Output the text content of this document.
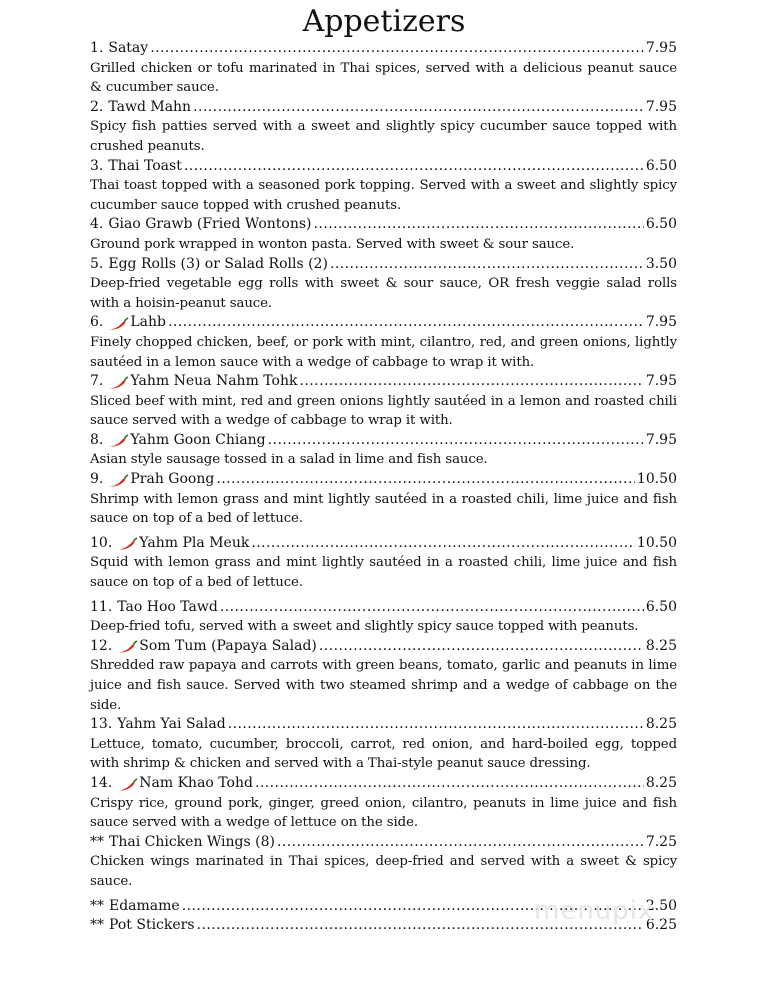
Appetizers
1. Satay . . .	7.95
Grilled chicken or tofu marinated in Thai spices, served with a delicious peanut sauce & cucumber sauce.
2. Tawd Mahn . . .	7.95
Spicy fish patties served with a sweet and slightly spicy cucumber sauce topped with crushed peanuts.
3. Thai Toast . . .	6.50
Thai toast topped with a seasoned pork topping. Served with a sweet and slightly spicy cucumber sauce topped with crushed peanuts.
4. Giao Grawb (Fried Wontons) . . .	6.50
Ground pork wrapped in wonton pasta. Served with sweet & sour sauce.
5. Egg Rolls (3) or Salad Rolls (2) . . .	3.50
Deep-fried vegetable egg rolls with sweet & sour sauce, OR fresh veggie salad rolls with a hoisin-peanut sauce.
6. Lahb . . .	7.95
Finely chopped chicken, beef, or pork with mint, cilantro, red, and green onions, lightly sautéed in a lemon sauce with a wedge of cabbage to wrap it with.
7. Yahm Neua Nahm Tohk . . .	7.95
Sliced beef with mint, red and green onions lightly sautéed in a lemon and roasted chili sauce served with a wedge of cabbage to wrap it with.
8. Yahm Goon Chiang . . .	7.95
Asian style sausage tossed in a salad in lime and fish sauce.
9. Prah Goong . . .	10.50
Shrimp with lemon grass and mint lightly sautéed in a roasted chili, lime juice and fish sauce on top of a bed of lettuce.
10. Yahm Pla Meuk . . .	10.50
Squid with lemon grass and mint lightly sautéed in a roasted chili, lime juice and fish sauce on top of a bed of lettuce.
11. Tao Hoo Tawd . . .	6.50
Deep-fried tofu, served with a sweet and slightly spicy sauce topped with peanuts.
12. Som Tum (Papaya Salad) . . .	8.25
Shredded raw papaya and carrots with green beans, tomato, garlic and peanuts in lime juice and fish sauce. Served with two steamed shrimp and a wedge of cabbage on the side.
13. Yahm Yai Salad . . .	8.25
Lettuce, tomato, cucumber, broccoli, carrot, red onion, and hard-boiled egg, topped with shrimp & chicken and served with a Thai-style peanut sauce dressing.
14. Nam Khao Tohd . . .	8.25
Crispy rice, ground pork, ginger, greed onion, cilantro, peanuts in lime juice and fish sauce served with a wedge of lettuce on the side.
** Thai Chicken Wings (8) . . .	7.25
Chicken wings marinated in Thai spices, deep-fried and served with a sweet & spicy sauce.
** Edamame . . .	2.50
** Pot Stickers . . .	6.25
menupix
